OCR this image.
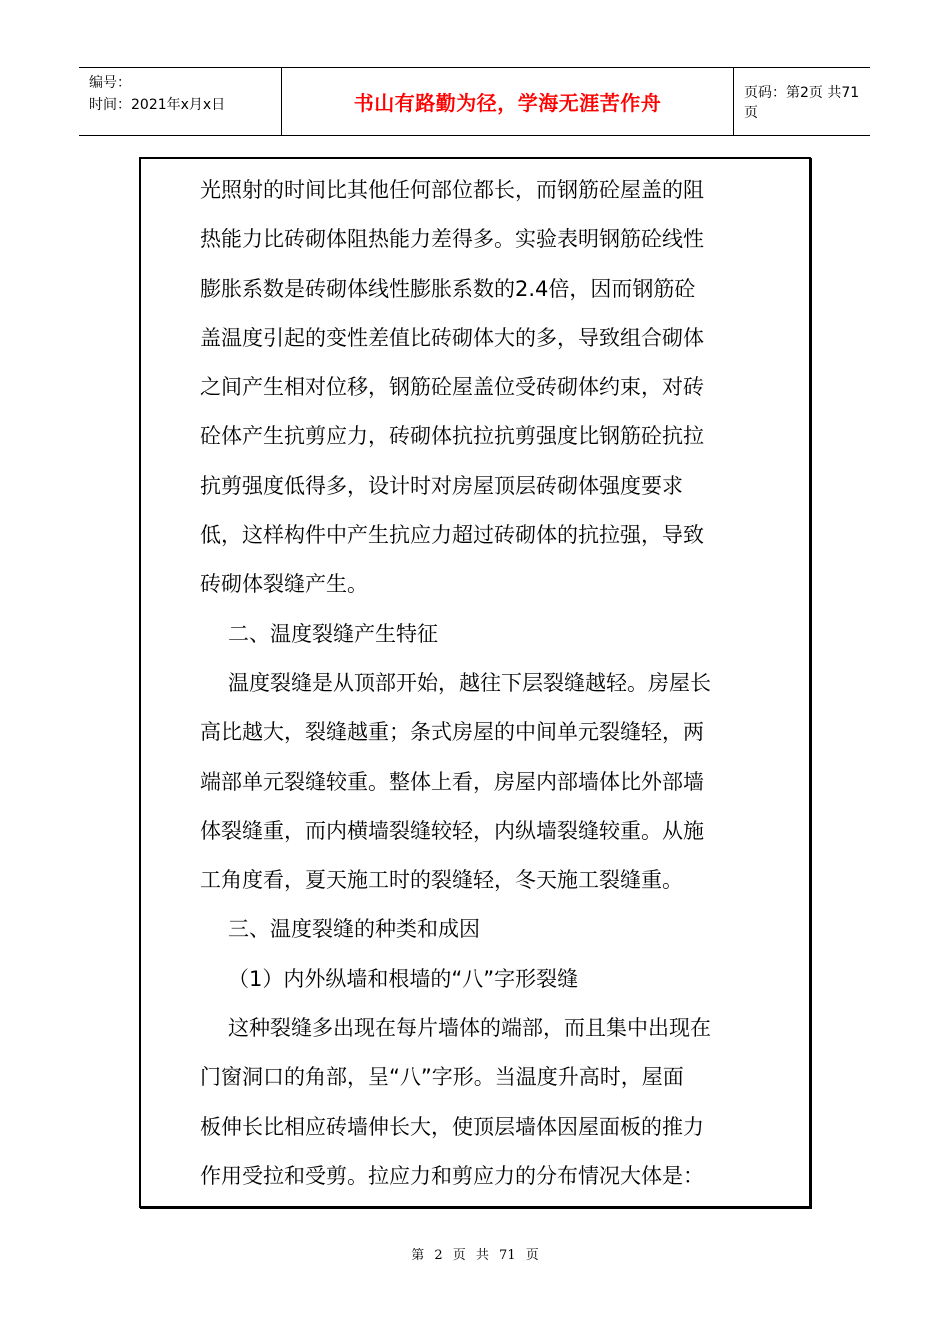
编号：
时间：2021年x月x日	书山有路勤为径，学海无涯苦作舟	页码：第2页 共71页

光照射的时间比其他任何部位都长，而钢筋砼屋盖的阻

热能力比砖砌体阻热能力差得多。实验表明钢筋砼线性

膨胀系数是砖砌体线性膨胀系数的2.4倍，因而钢筋砼

盖温度引起的变性差值比砖砌体大的多，导致组合砌体

之间产生相对位移，钢筋砼屋盖位受砖砌体约束，对砖

砼体产生抗剪应力，砖砌体抗拉抗剪强度比钢筋砼抗拉

抗剪强度低得多，设计时对房屋顶层砖砌体强度要求

低，这样构件中产生抗应力超过砖砌体的抗拉强，导致

砖砌体裂缝产生。

二、温度裂缝产生特征

温度裂缝是从顶部开始，越往下层裂缝越轻。房屋长

高比越大，裂缝越重；条式房屋的中间单元裂缝轻，两

端部单元裂缝较重。整体上看，房屋内部墙体比外部墙

体裂缝重，而内横墙裂缝较轻，内纵墙裂缝较重。从施

工角度看，夏天施工时的裂缝轻，冬天施工裂缝重。

三、温度裂缝的种类和成因

（1）内外纵墙和根墙的“八”字形裂缝

这种裂缝多出现在每片墙体的端部，而且集中出现在

门窗洞口的角部，呈“八”字形。当温度升高时，屋面

板伸长比相应砖墙伸长大，使顶层墙体因屋面板的推力

作用受拉和受剪。拉应力和剪应力的分布情况大体是：

第 2 页 共 71 页
